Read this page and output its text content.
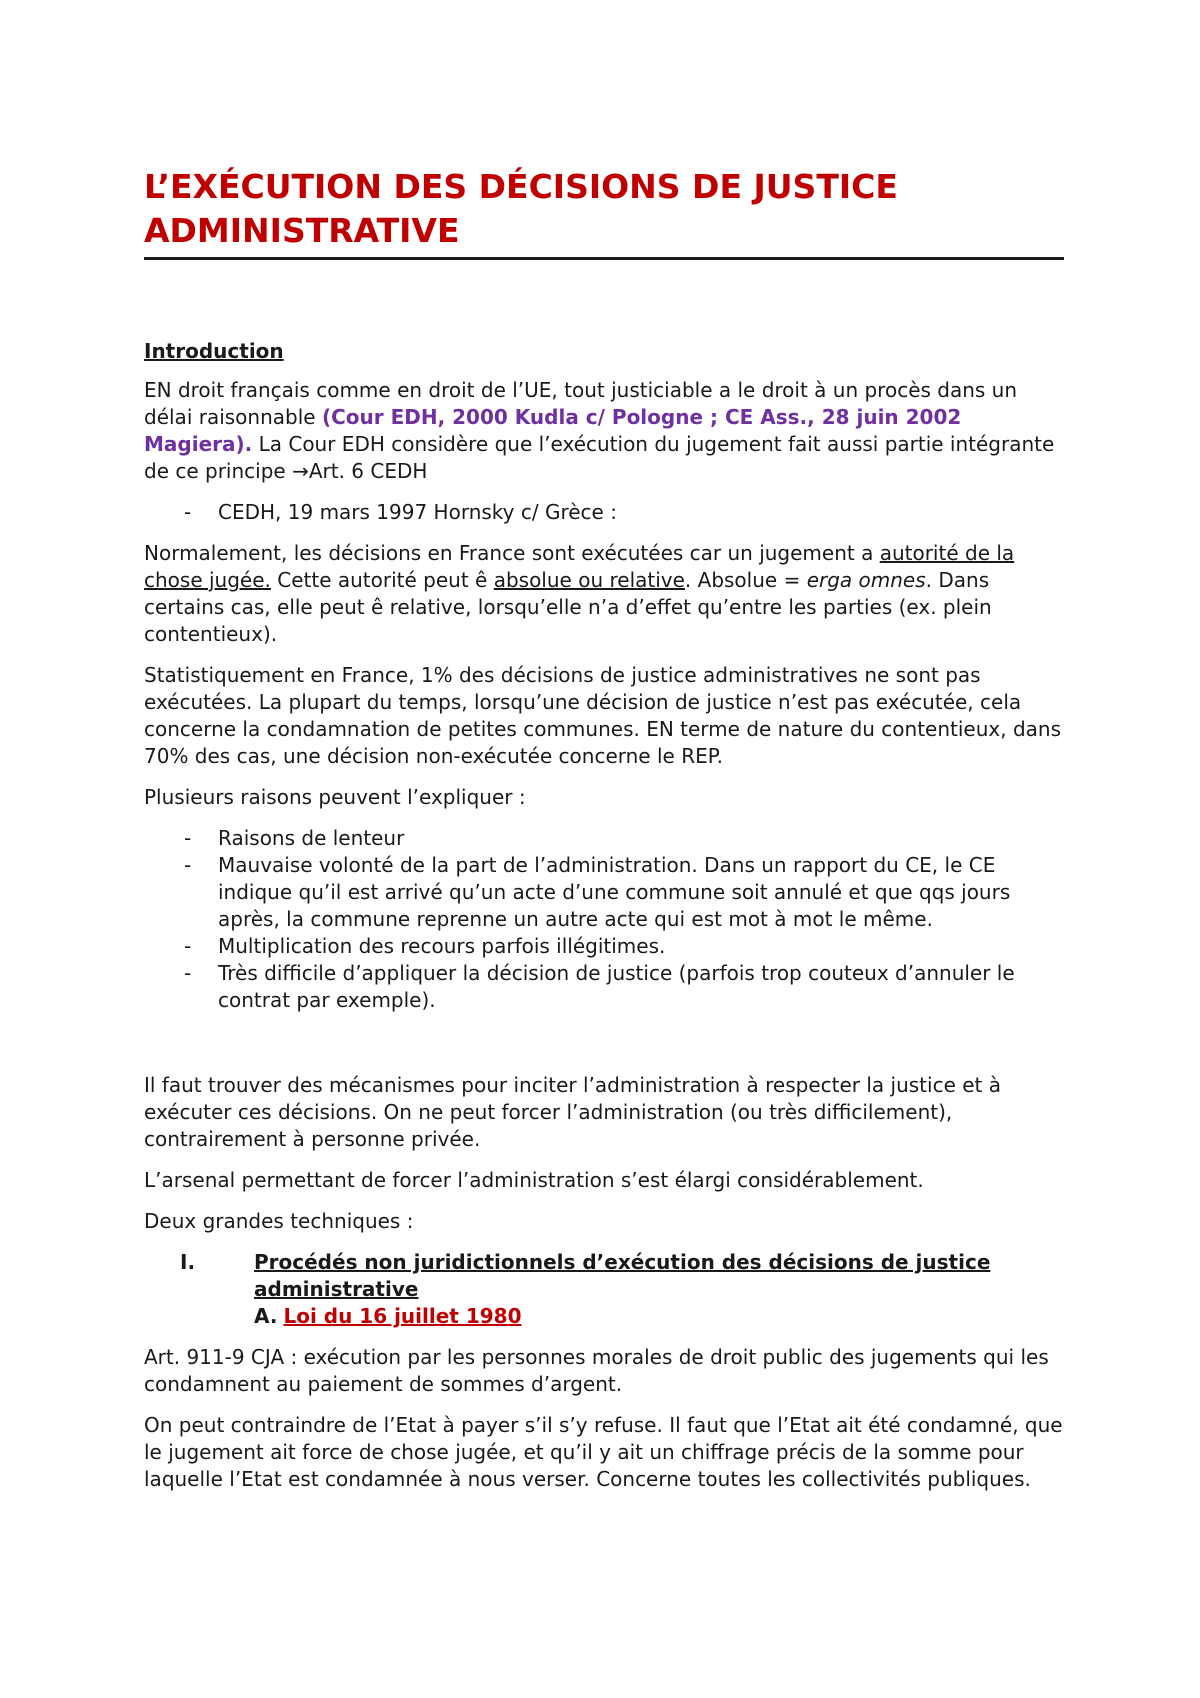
L’EXÉCUTION DES DÉCISIONS DE JUSTICE ADMINISTRATIVE

Introduction

EN droit français comme en droit de l’UE, tout justiciable a le droit à un procès dans un délai raisonnable (Cour EDH, 2000 Kudla c/ Pologne ; CE Ass., 28 juin 2002 Magiera). La Cour EDH considère que l’exécution du jugement fait aussi partie intégrante de ce principe →Art. 6 CEDH

- CEDH, 19 mars 1997 Hornsky c/ Grèce :

Normalement, les décisions en France sont exécutées car un jugement a autorité de la chose jugée. Cette autorité peut ê absolue ou relative. Absolue = erga omnes. Dans certains cas, elle peut ê relative, lorsqu’elle n’a d’effet qu’entre les parties (ex. plein contentieux).

Statistiquement en France, 1% des décisions de justice administratives ne sont pas exécutées. La plupart du temps, lorsqu’une décision de justice n’est pas exécutée, cela concerne la condamnation de petites communes. EN terme de nature du contentieux, dans 70% des cas, une décision non-exécutée concerne le REP.

Plusieurs raisons peuvent l’expliquer :

- Raisons de lenteur
- Mauvaise volonté de la part de l’administration. Dans un rapport du CE, le CE indique qu’il est arrivé qu’un acte d’une commune soit annulé et que qqs jours après, la commune reprenne un autre acte qui est mot à mot le même.
- Multiplication des recours parfois illégitimes.
- Très difficile d’appliquer la décision de justice (parfois trop couteux d’annuler le contrat par exemple).

Il faut trouver des mécanismes pour inciter l’administration à respecter la justice et à exécuter ces décisions. On ne peut forcer l’administration (ou très difficilement), contrairement à personne privée.

L’arsenal permettant de forcer l’administration s’est élargi considérablement.

Deux grandes techniques :

I.	Procédés non juridictionnels d’exécution des décisions de justice administrative
A. Loi du 16 juillet 1980

Art. 911-9 CJA : exécution par les personnes morales de droit public des jugements qui les condamnent au paiement de sommes d’argent.

On peut contraindre de l’Etat à payer s’il s’y refuse. Il faut que l’Etat ait été condamné, que le jugement ait force de chose jugée, et qu’il y ait un chiffrage précis de la somme pour laquelle l’Etat est condamnée à nous verser. Concerne toutes les collectivités publiques.
